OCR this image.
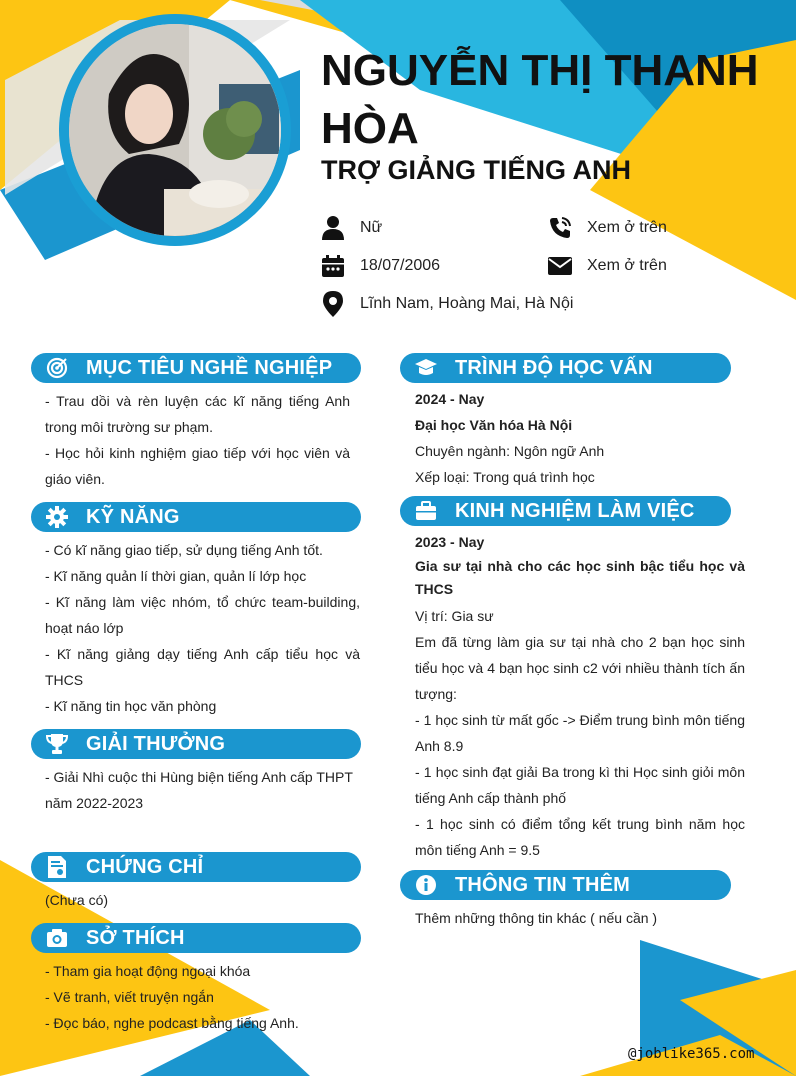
NGUYỄN THỊ THANH HÒA
TRỢ GIẢNG TIẾNG ANH
Nữ	Xem ở trên
18/07/2006	Xem ở trên
Lĩnh Nam, Hoàng Mai, Hà Nội
MỤC TIÊU NGHỀ NGHIỆP

- Trau dồi và rèn luyện các kĩ năng tiếng Anh trong môi trường sư phạm.

- Học hỏi kinh nghiệm giao tiếp với học viên và giáo viên.

KỸ NĂNG

- Có kĩ năng giao tiếp, sử dụng tiếng Anh tốt.

- Kĩ năng quản lí thời gian, quản lí lớp học

- Kĩ năng làm việc nhóm, tổ chức team-building, hoạt náo lớp

- Kĩ năng giảng dạy tiếng Anh cấp tiểu học và THCS

- Kĩ năng tin học văn phòng

GIẢI THƯỞNG

- Giải Nhì cuộc thi Hùng biện tiếng Anh cấp THPT năm 2022-2023

CHỨNG CHỈ

(Chưa có)

SỞ THÍCH

- Tham gia hoạt động ngoại khóa

- Vẽ tranh, viết truyện ngắn

- Đọc báo, nghe podcast bằng tiếng Anh.

TRÌNH ĐỘ HỌC VẤN

2024 - Nay

Đại học Văn hóa Hà Nội

Chuyên ngành: Ngôn ngữ Anh

Xếp loại: Trong quá trình học

KINH NGHIỆM LÀM VIỆC

2023 - Nay

Gia sư tại nhà cho các học sinh bậc tiểu học và THCS

Vị trí: Gia sư

Em đã từng làm gia sư tại nhà cho 2 bạn học sinh tiểu học và 4 bạn học sinh c2 với nhiều thành tích ấn tượng:

- 1 học sinh từ mất gốc -> Điểm trung bình môn tiếng Anh 8.9

- 1 học sinh đạt giải Ba trong kì thi Học sinh giỏi môn tiếng Anh cấp thành phố

- 1 học sinh có điểm tổng kết trung bình năm học môn tiếng Anh = 9.5

THÔNG TIN THÊM

Thêm những thông tin khác ( nếu cần )

@joblike365.com
